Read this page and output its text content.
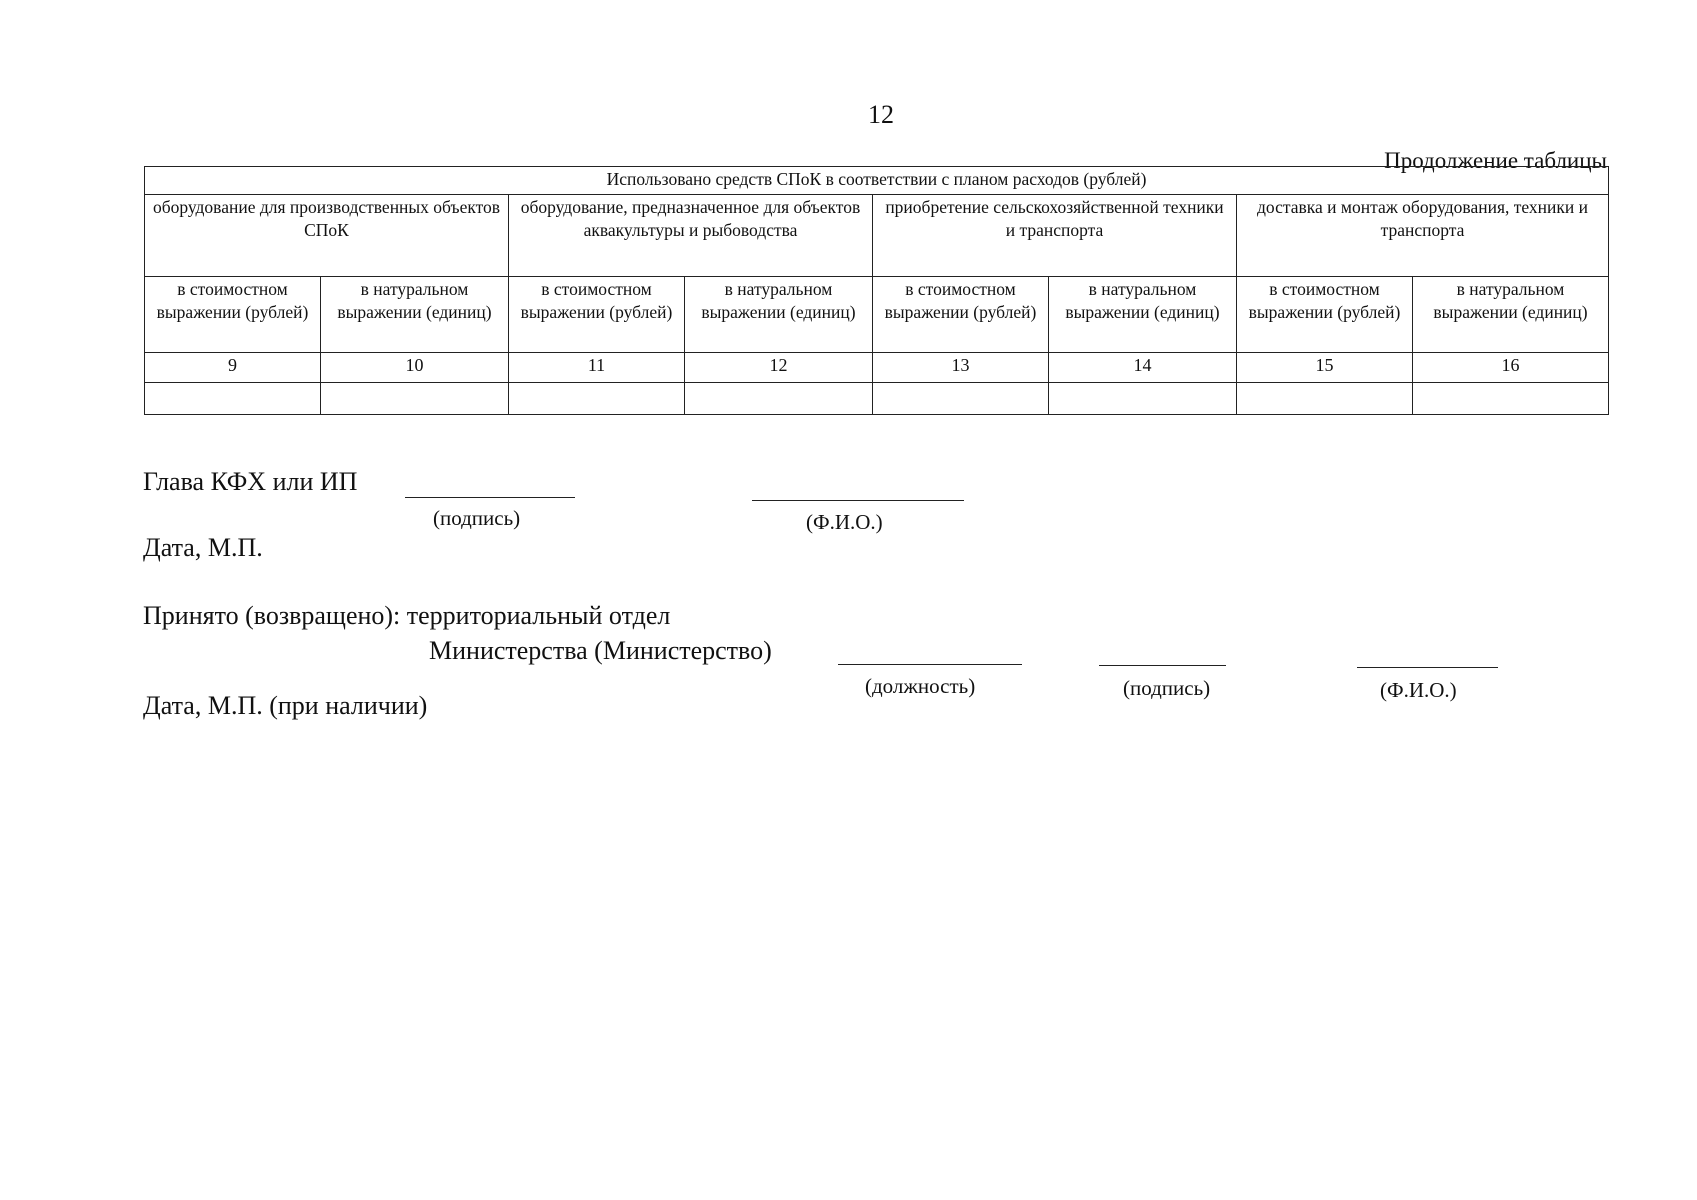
12
Продолжение таблицы
Использовано средств СПоК в соответствии с планом расходов (рублей)							
оборудование для производственных объектов СПоК		оборудование, предназначенное для объектов аквакультуры и рыбоводства		приобретение сельскохозяйственной техники и транспорта		доставка и монтаж оборудования, техники и транспорта	
в стоимостном выражении (рублей)	в натуральном выражении (единиц)	в стоимостном выражении (рублей)	в натуральном выражении (единиц)	в стоимостном выражении (рублей)	в натуральном выражении (единиц)	в стоимостном выражении (рублей)	в натуральном выражении (единиц)
9	10	11	12	13	14	15	16

Глава КФХ или ИП
(подпись)	(Ф.И.О.)
Дата, М.П.
Принято (возвращено): территориальный отдел
Министерства (Министерство)
(должность)	(подпись)	(Ф.И.О.)
Дата, М.П. (при наличии)
